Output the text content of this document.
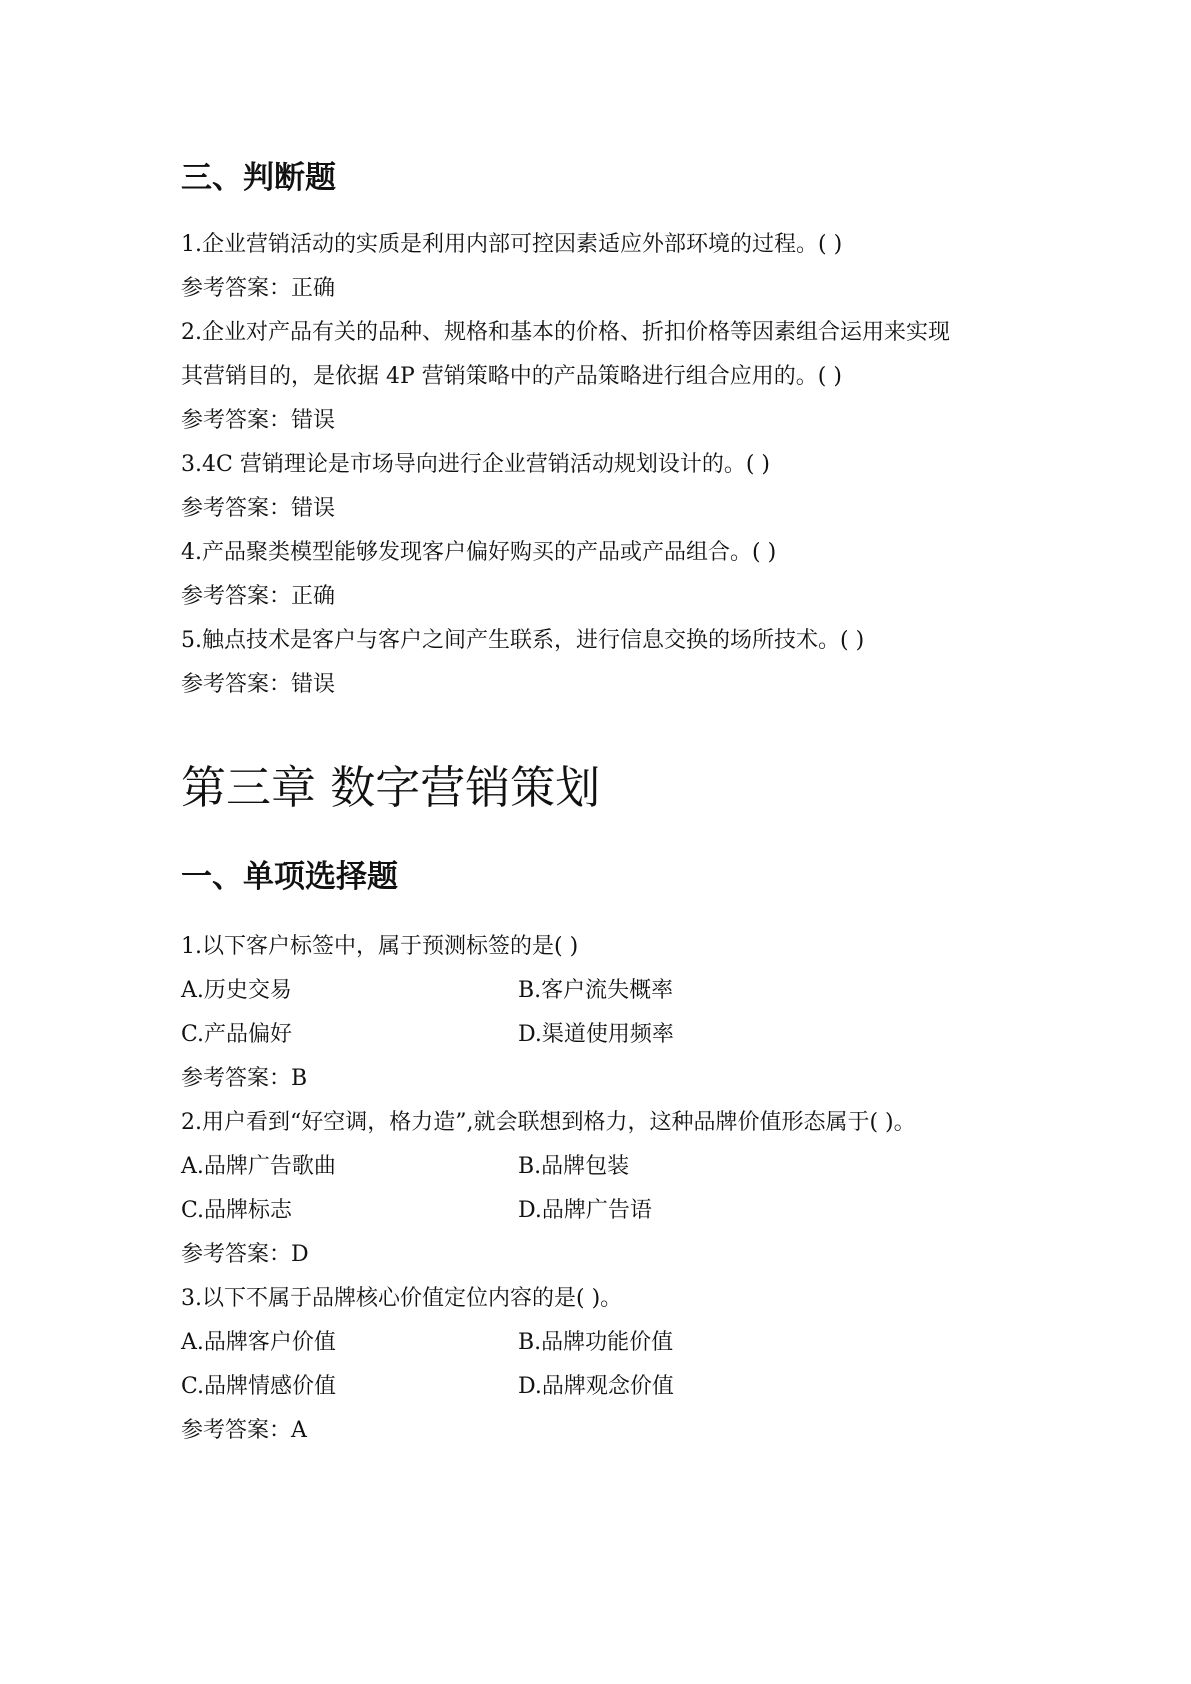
三、判断题

1.企业营销活动的实质是利用内部可控因素适应外部环境的过程。( )

参考答案：正确

2.企业对产品有关的品种、规格和基本的价格、折扣价格等因素组合运用来实现

其营销目的，是依据 4P 营销策略中的产品策略进行组合应用的。( )

参考答案：错误

3.4C 营销理论是市场导向进行企业营销活动规划设计的。( )

参考答案：错误

4.产品聚类模型能够发现客户偏好购买的产品或产品组合。( )

参考答案：正确

5.触点技术是客户与客户之间产生联系，进行信息交换的场所技术。( )

参考答案：错误

第三章 数字营销策划
一、单项选择题

1.以下客户标签中，属于预测标签的是( )

A.历史交易	B.客户流失概率

C.产品偏好	D.渠道使用频率

参考答案：B

2.用户看到“好空调，格力造”,就会联想到格力，这种品牌价值形态属于( )。

A.品牌广告歌曲	B.品牌包装

C.品牌标志	D.品牌广告语

参考答案：D

3.以下不属于品牌核心价值定位内容的是( )。

A.品牌客户价值	B.品牌功能价值

C.品牌情感价值	D.品牌观念价值

参考答案：A
